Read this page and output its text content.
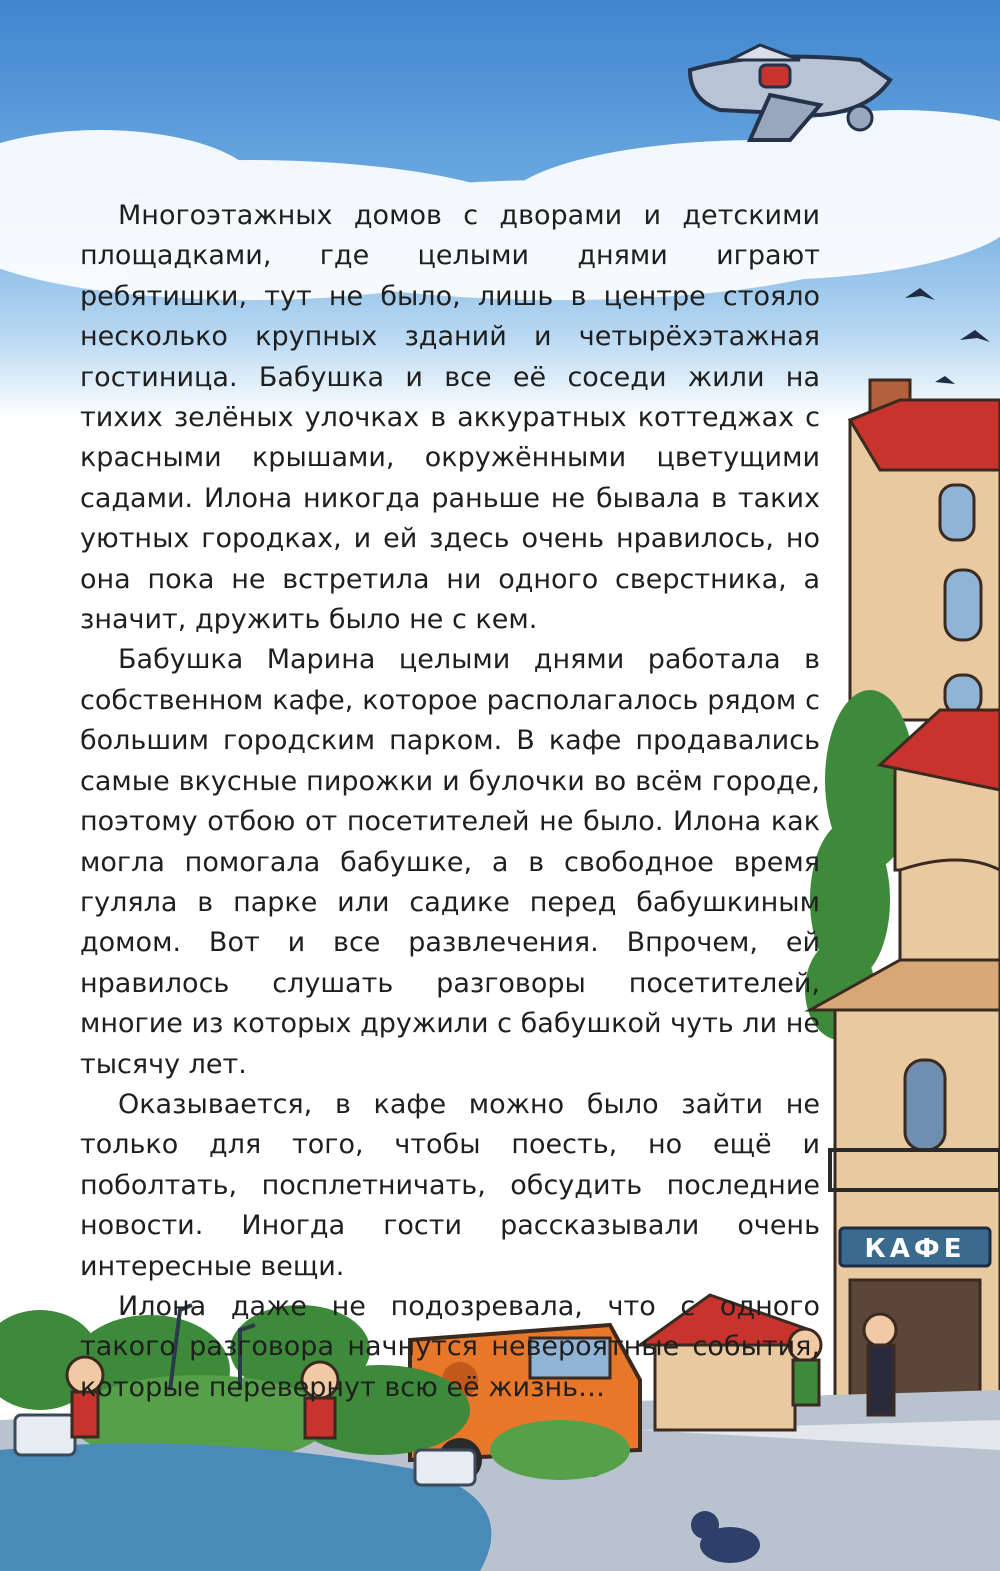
КАФЕ

Многоэтажных домов с дворами и детскими площадками, где целыми днями играют ребятишки, тут не было, лишь в центре стояло несколько крупных зданий и четырёхэтажная гостиница. Бабушка и все её соседи жили на тихих зелёных улочках в аккуратных коттеджах с красными крышами, окружёнными цветущими садами. Илона никогда раньше не бывала в таких уютных городках, и ей здесь очень нравилось, но она пока не встретила ни одного сверстника, а значит, дружить было не с кем.

Бабушка Марина целыми днями работала в собственном кафе, которое располагалось рядом с большим городским парком. В кафе продавались самые вкусные пирожки и булочки во всём городе, поэтому отбою от посетителей не было. Илона как могла помогала бабушке, а в свободное время гуляла в парке или садике перед бабушкиным домом. Вот и все развлечения. Впрочем, ей нравилось слушать разговоры посетителей, многие из которых дружили с бабушкой чуть ли не тысячу лет.

Оказывается, в кафе можно было зайти не только для того, чтобы поесть, но ещё и поболтать, посплетничать, обсудить последние новости. Иногда гости рассказывали очень интересные вещи.

Илона даже не подозревала, что с одного такого разговора начнутся невероятные события, которые перевернут всю её жизнь…
